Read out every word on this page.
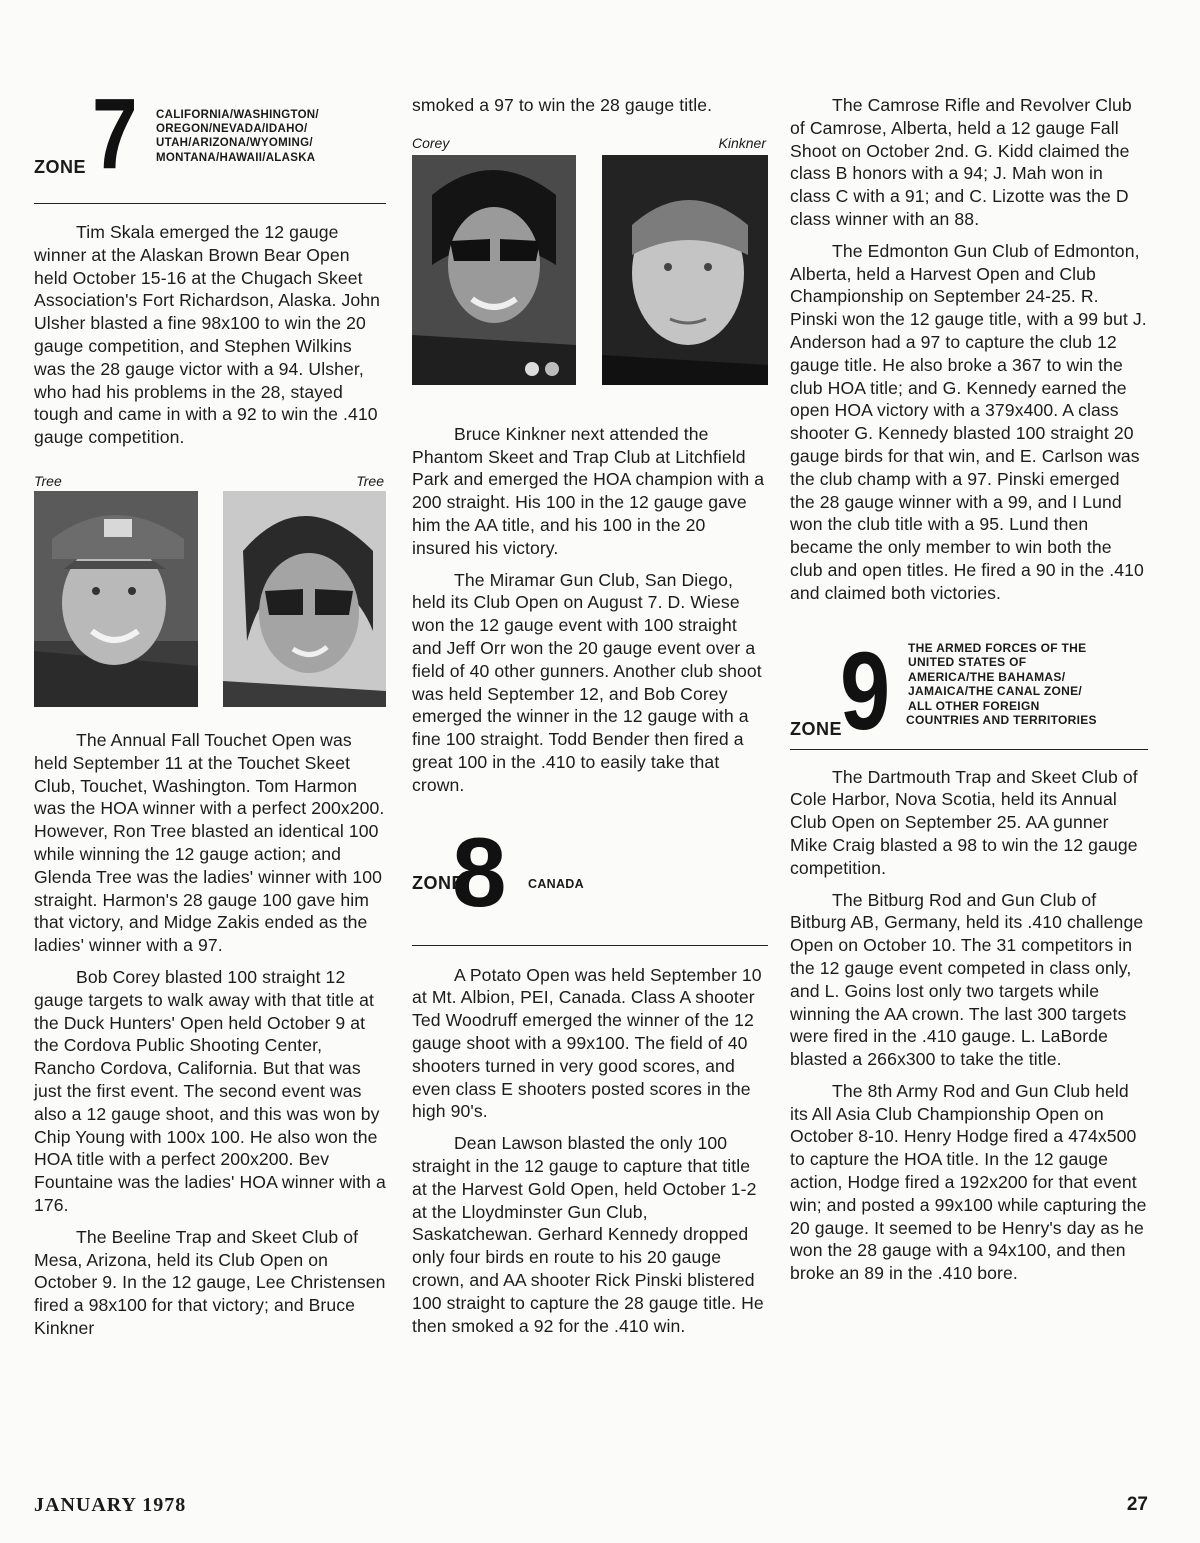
ZONE 7 CALIFORNIA/WASHINGTON/
OREGON/NEVADA/IDAHO/
UTAH/ARIZONA/WYOMING/
MONTANA/HAWAII/ALASKA

Tim Skala emerged the 12 gauge winner at the Alaskan Brown Bear Open held October 15-16 at the Chugach Skeet Association's Fort Richardson, Alaska. John Ulsher blasted a fine 98x100 to win the 20 gauge competition, and Stephen Wilkins was the 28 gauge victor with a 94. Ulsher, who had his problems in the 28, stayed tough and came in with a 92 to win the .410 gauge competition.

Tree	Tree

The Annual Fall Touchet Open was held September 11 at the Touchet Skeet Club, Touchet, Washington. Tom Harmon was the HOA winner with a perfect 200x200. However, Ron Tree blasted an identical 100 while winning the 12 gauge action; and Glenda Tree was the ladies' winner with 100 straight. Harmon's 28 gauge 100 gave him that victory, and Midge Zakis ended as the ladies' winner with a 97.

Bob Corey blasted 100 straight 12 gauge targets to walk away with that title at the Duck Hunters' Open held October 9 at the Cordova Public Shooting Center, Rancho Cordova, California. But that was just the first event. The second event was also a 12 gauge shoot, and this was won by Chip Young with 100x 100. He also won the HOA title with a perfect 200x200. Bev Fountaine was the ladies' HOA winner with a 176.

The Beeline Trap and Skeet Club of Mesa, Arizona, held its Club Open on October 9. In the 12 gauge, Lee Christensen fired a 98x100 for that victory; and Bruce Kinkner

smoked a 97 to win the 28 gauge title.

Corey	Kinkner

Bruce Kinkner next attended the Phantom Skeet and Trap Club at Litchfield Park and emerged the HOA champion with a 200 straight. His 100 in the 12 gauge gave him the AA title, and his 100 in the 20 insured his victory.

The Miramar Gun Club, San Diego, held its Club Open on August 7. D. Wiese won the 12 gauge event with 100 straight and Jeff Orr won the 20 gauge event over a field of 40 other gunners. Another club shoot was held September 12, and Bob Corey emerged the winner in the 12 gauge with a fine 100 straight. Todd Bender then fired a great 100 in the .410 to easily take that crown.

ZONE
8 CANADA

A Potato Open was held September 10 at Mt. Albion, PEI, Canada. Class A shooter Ted Woodruff emerged the winner of the 12 gauge shoot with a 99x100. The field of 40 shooters turned in very good scores, and even class E shooters posted scores in the high 90's.

Dean Lawson blasted the only 100 straight in the 12 gauge to capture that title at the Harvest Gold Open, held October 1-2 at the Lloydminster Gun Club, Saskatchewan. Gerhard Kennedy dropped only four birds en route to his 20 gauge crown, and AA shooter Rick Pinski blistered 100 straight to capture the 28 gauge title. He then smoked a 92 for the .410 win.

The Camrose Rifle and Revolver Club of Camrose, Alberta, held a 12 gauge Fall Shoot on October 2nd. G. Kidd claimed the class B honors with a 94; J. Mah won in class C with a 91; and C. Lizotte was the D class winner with an 88.

The Edmonton Gun Club of Edmonton, Alberta, held a Harvest Open and Club Championship on September 24-25. R. Pinski won the 12 gauge title, with a 99 but J. Anderson had a 97 to capture the club 12 gauge title. He also broke a 367 to win the club HOA title; and G. Kennedy earned the open HOA victory with a 379x400. A class shooter G. Kennedy blasted 100 straight 20 gauge birds for that win, and E. Carlson was the club champ with a 97. Pinski emerged the 28 gauge winner with a 99, and I Lund won the club title with a 95. Lund then became the only member to win both the club and open titles. He fired a 90 in the .410 and claimed both victories.

ZONE
9 THE ARMED FORCES OF THE
UNITED STATES OF
AMERICA/THE BAHAMAS/
JAMAICA/THE CANAL ZONE/
ALL OTHER FOREIGN
COUNTRIES AND TERRITORIES

The Dartmouth Trap and Skeet Club of Cole Harbor, Nova Scotia, held its Annual Club Open on September 25. AA gunner Mike Craig blasted a 98 to win the 12 gauge competition.

The Bitburg Rod and Gun Club of Bitburg AB, Germany, held its .410 challenge Open on October 10. The 31 competitors in the 12 gauge event competed in class only, and L. Goins lost only two targets while winning the AA crown. The last 300 targets were fired in the .410 gauge. L. LaBorde blasted a 266x300 to take the title.

The 8th Army Rod and Gun Club held its All Asia Club Championship Open on October 8-10. Henry Hodge fired a 474x500 to capture the HOA title. In the 12 gauge action, Hodge fired a 192x200 for that event win; and posted a 99x100 while capturing the 20 gauge. It seemed to be Henry's day as he won the 28 gauge with a 94x100, and then broke an 89 in the .410 bore.

JANUARY 1978	27
